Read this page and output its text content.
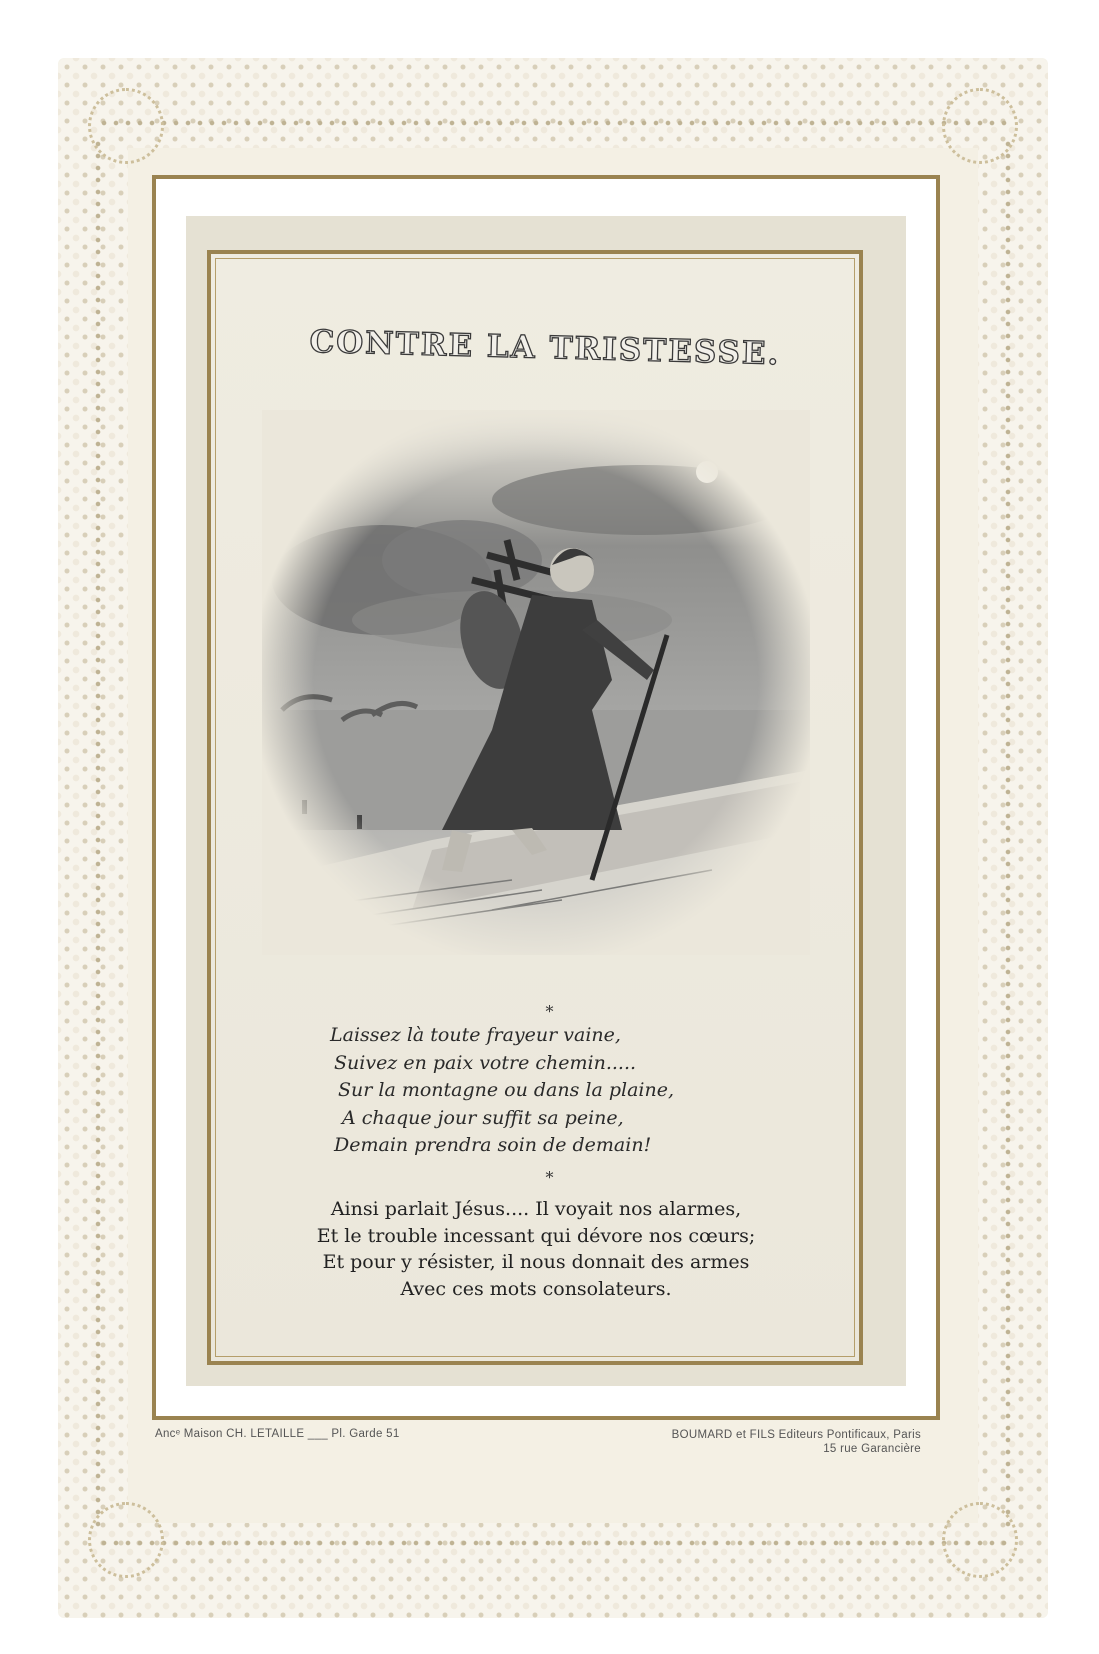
CONTRE LA TRISTESSE.
*
Laissez là toute frayeur vaine,
Suivez en paix votre chemin.....
Sur la montagne ou dans la plaine,
A chaque jour suffit sa peine,
Demain prendra soin de demain!
*
Ainsi parlait Jésus.... Il voyait nos alarmes,
Et le trouble incessant qui dévore nos cœurs;
Et pour y résister, il nous donnait des armes
Avec ces mots consolateurs.
Ancᵉ Maison CH. LETAILLE ___ Pl. Garde 51	BOUMARD et FILS Editeurs Pontificaux, Paris
15 rue Garancière
